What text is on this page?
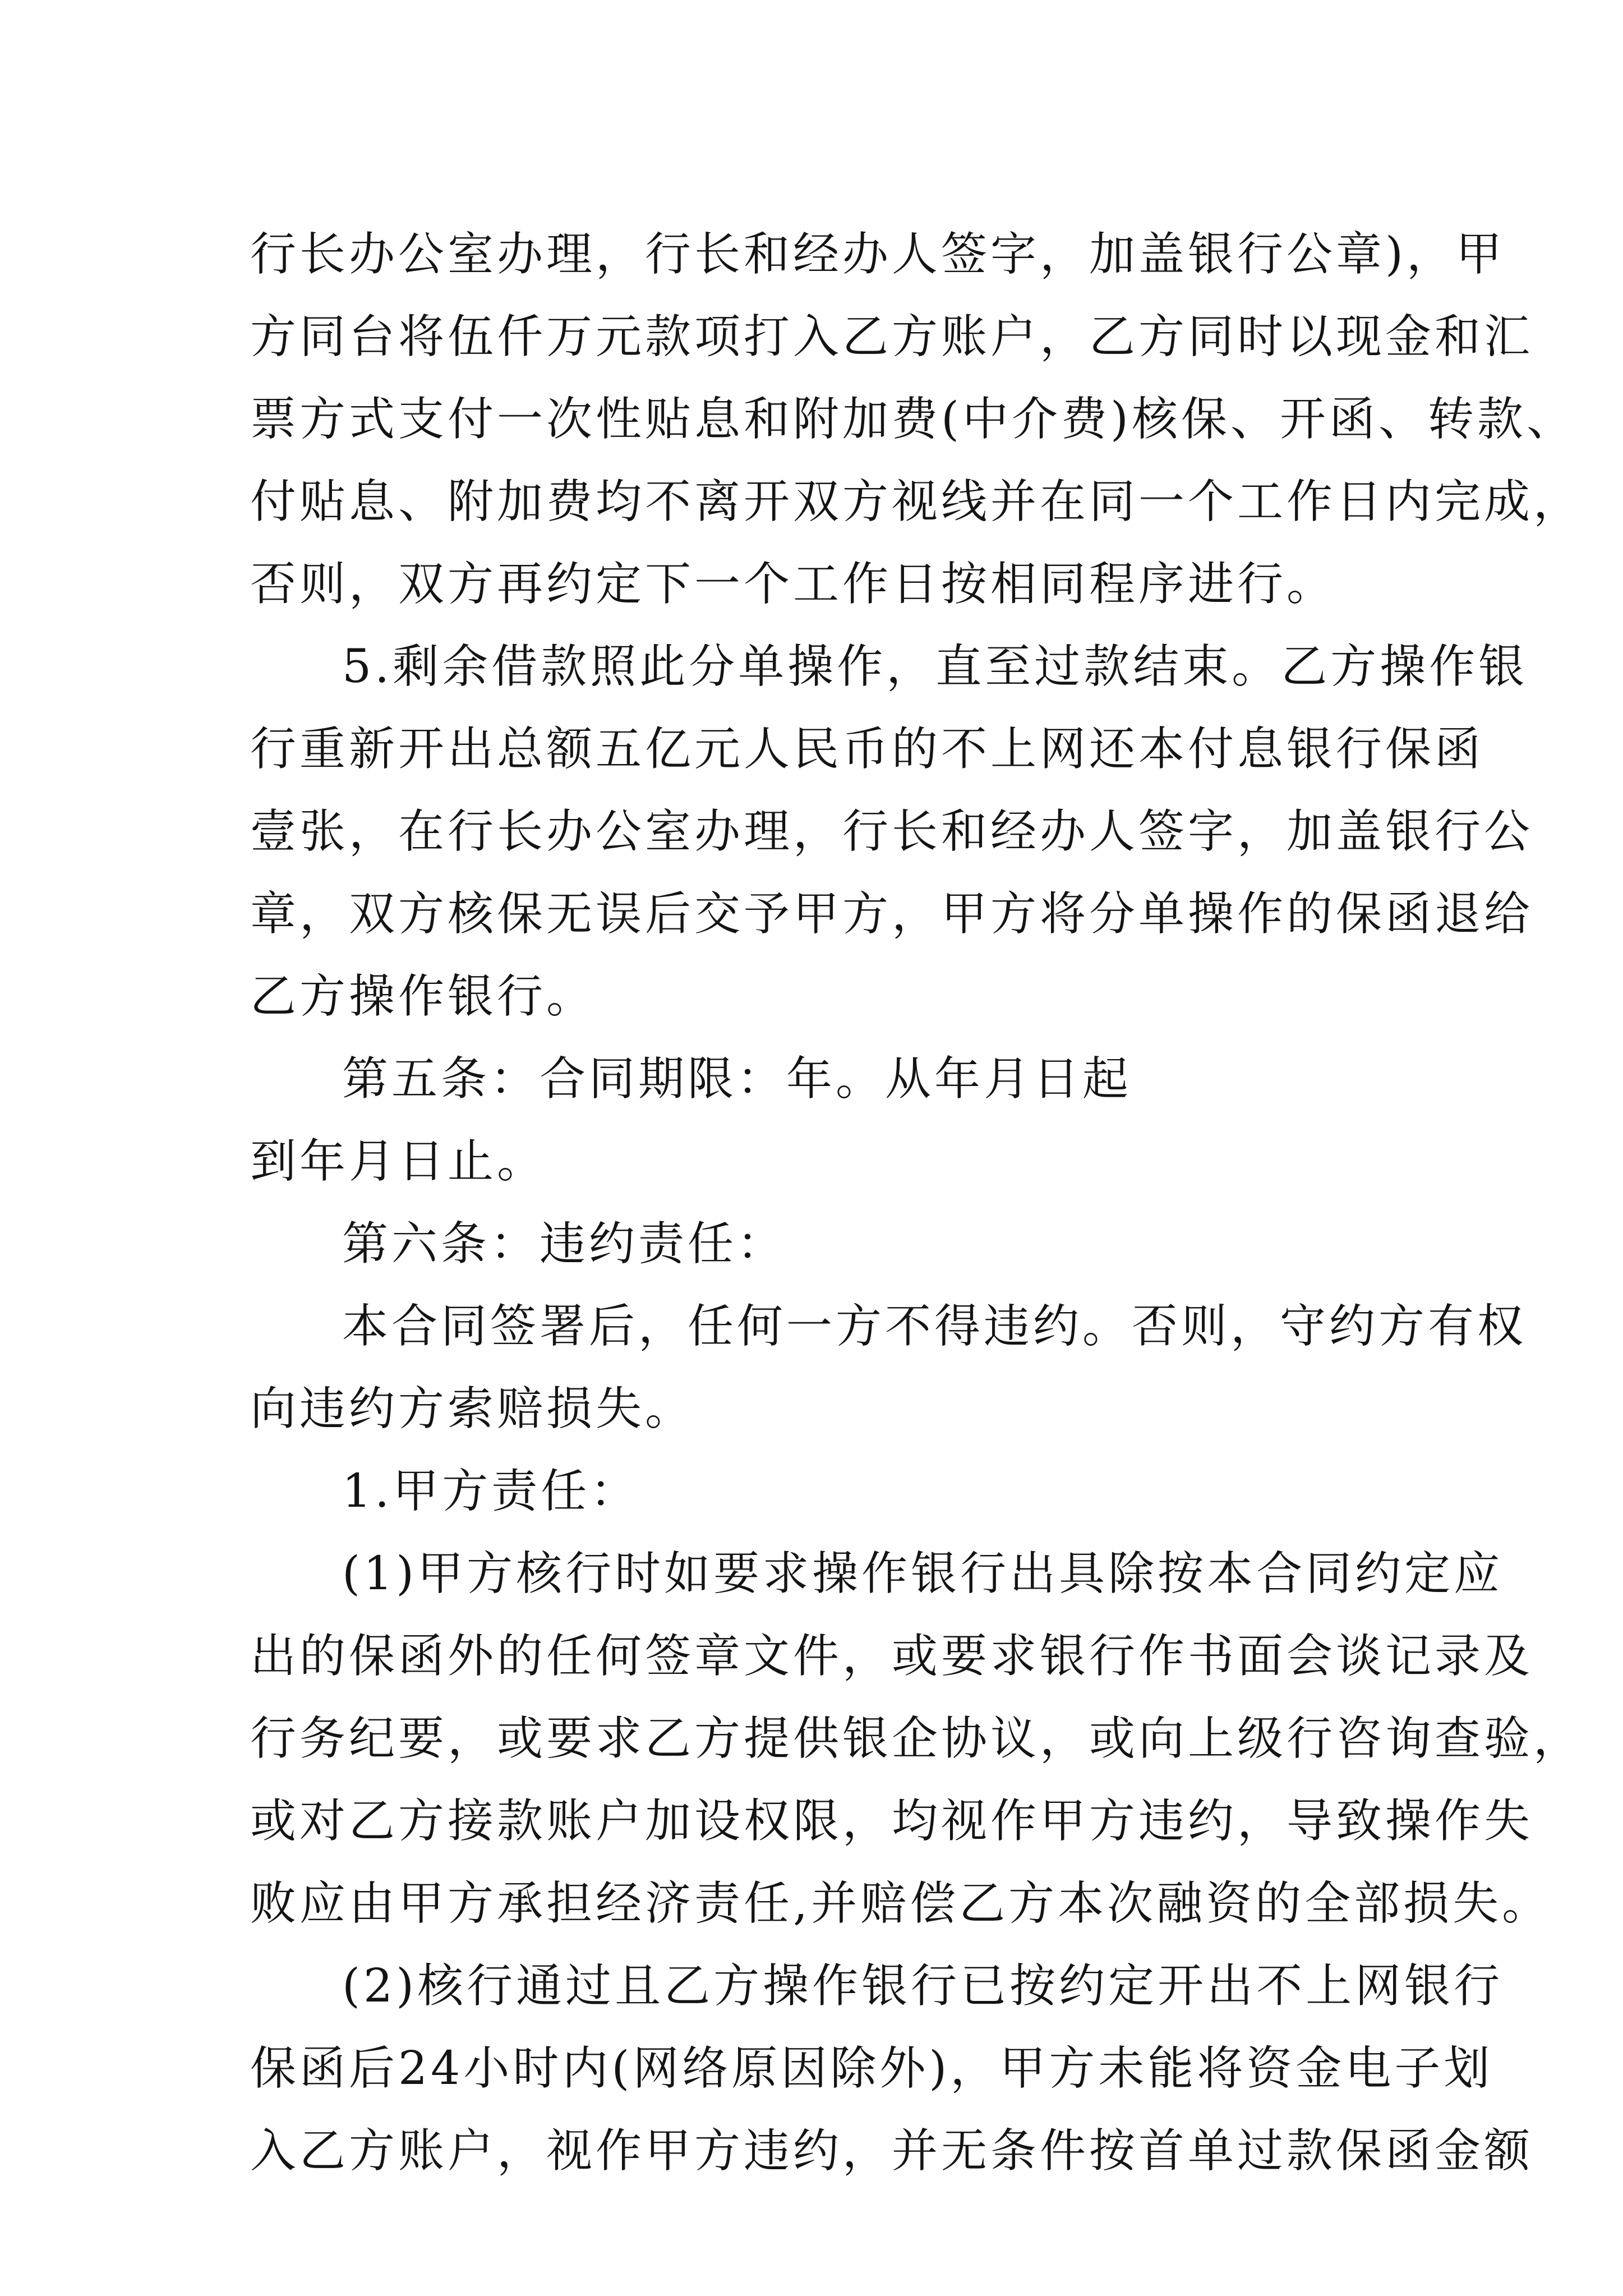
行长办公室办理，行长和经办人签字，加盖银行公章)，甲
方同台将伍仟万元款项打入乙方账户，乙方同时以现金和汇
票方式支付一次性贴息和附加费(中介费)核保、开函、转款、
付贴息、附加费均不离开双方视线并在同一个工作日内完成，
否则，双方再约定下一个工作日按相同程序进行。
5.剩余借款照此分单操作，直至过款结束。乙方操作银
行重新开出总额五亿元人民币的不上网还本付息银行保函
壹张，在行长办公室办理，行长和经办人签字，加盖银行公
章，双方核保无误后交予甲方，甲方将分单操作的保函退给
乙方操作银行。
第五条：合同期限：年。从年月日起
到年月日止。
第六条：违约责任：
本合同签署后，任何一方不得违约。否则，守约方有权
向违约方索赔损失。
1.甲方责任：
(1)甲方核行时如要求操作银行出具除按本合同约定应
出的保函外的任何签章文件，或要求银行作书面会谈记录及
行务纪要，或要求乙方提供银企协议，或向上级行咨询查验，
或对乙方接款账户加设权限，均视作甲方违约，导致操作失
败应由甲方承担经济责任,并赔偿乙方本次融资的全部损失。
(2)核行通过且乙方操作银行已按约定开出不上网银行
保函后24小时内(网络原因除外)，甲方未能将资金电子划
入乙方账户，视作甲方违约，并无条件按首单过款保函金额
